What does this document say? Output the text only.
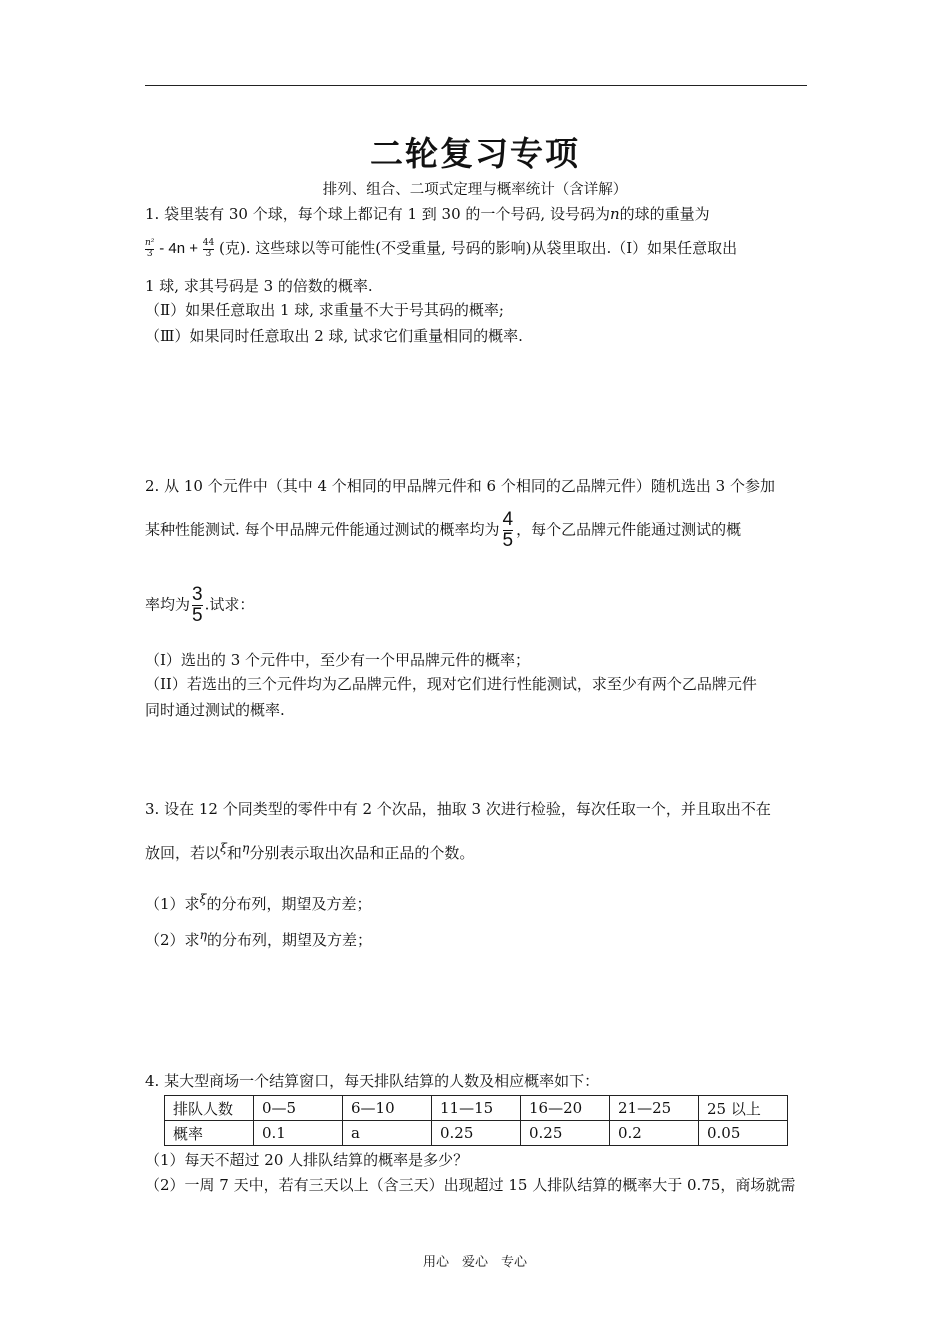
二轮复习专项
排列、组合、二项式定理与概率统计（含详解）
1. 袋里装有 30 个球，每个球上都记有 1 到 30 的一个号码, 设号码为n的球的重量为
$\frac{\text{n²}}{3} - 4n + \frac{44}{3}$ (克). 这些球以等可能性(不受重量, 号码的影响)从袋里取出.（Ⅰ）如果任意取出
1 球, 求其号码是 3 的倍数的概率.
（Ⅱ）如果任意取出 1 球, 求重量不大于号其码的概率;
（Ⅲ）如果同时任意取出 2 球, 试求它们重量相同的概率.
2. 从 10 个元件中（其中 4 个相同的甲品牌元件和 6 个相同的乙品牌元件）随机选出 3 个参加
某种性能测试. 每个甲品牌元件能通过测试的概率均为 $\frac{4}{5}$ ，每个乙品牌元件能通过测试的概
率均为 $\frac{3}{5}$ .试求：
（I）选出的 3 个元件中，至少有一个甲品牌元件的概率；
（II）若选出的三个元件均为乙品牌元件，现对它们进行性能测试，求至少有两个乙品牌元件
同时通过测试的概率.
3. 设在 12 个同类型的零件中有 2 个次品，抽取 3 次进行检验，每次任取一个，并且取出不在
放回，若以$^\xi$和$^\eta$分别表示取出次品和正品的个数。
（1）求$^\xi$的分布列，期望及方差；
（2）求$^\eta$的分布列，期望及方差；
4. 某大型商场一个结算窗口，每天排队结算的人数及相应概率如下：
排队人数	0—5	6—10	11—15	16—20	21—25	25 以上
概率	0.1	a	0.25	0.25	0.2	0.05
（1）每天不超过 20 人排队结算的概率是多少？
（2）一周 7 天中，若有三天以上（含三天）出现超过 15 人排队结算的概率大于 0.75，商场就需
用心　爱心　专心
